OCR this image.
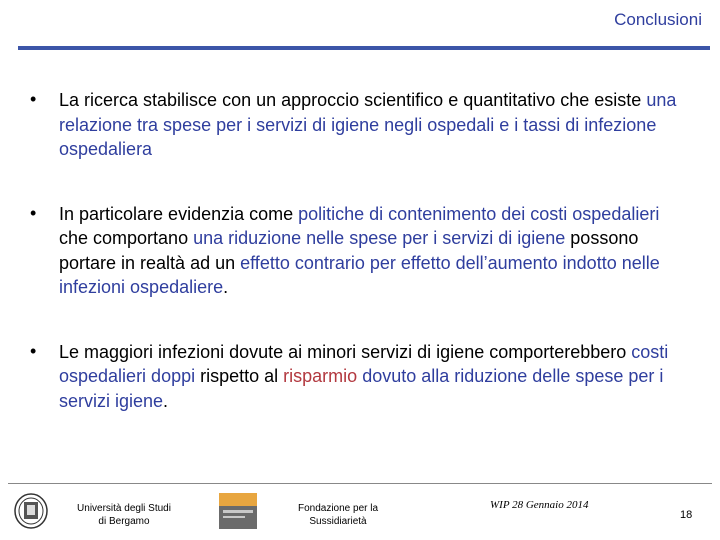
Conclusioni
• La ricerca stabilisce con un approccio scientifico e quantitativo che esiste una relazione tra spese per i servizi di igiene negli ospedali e i tassi di infezione ospedaliera
• In particolare evidenzia come politiche di contenimento dei costi ospedalieri che comportano una riduzione nelle spese per i servizi di igiene possono portare in realtà ad un effetto contrario per effetto dell’aumento indotto nelle infezioni ospedaliere.
• Le maggiori infezioni dovute ai minori servizi di igiene comporterebbero costi ospedalieri doppi rispetto al risparmio dovuto alla riduzione delle spese per i servizi igiene.
Università degli Studi
di Bergamo
Fondazione per la
Sussidiarietà
WIP 28 Gennaio 2014
18
